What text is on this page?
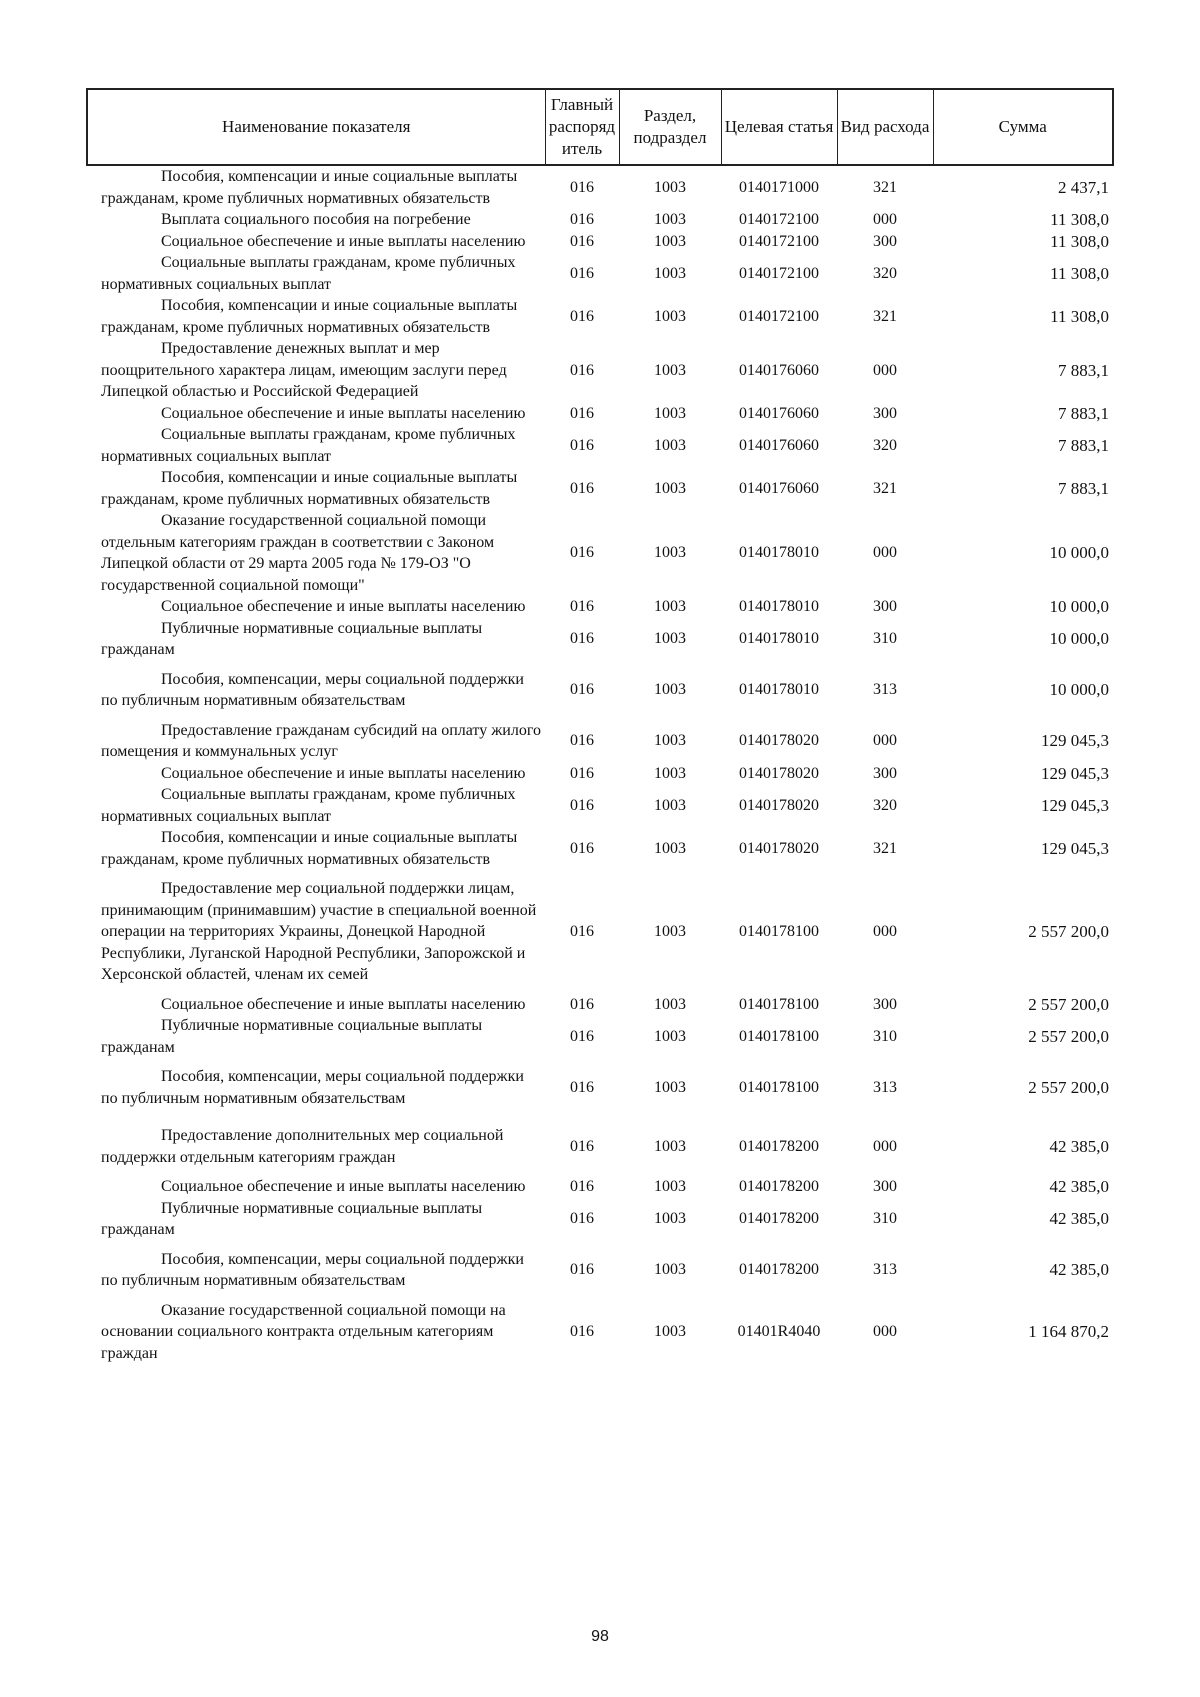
Наименование показателя	Главный распоряд итель	Раздел, подраздел	Целевая статья	Вид расхода	Сумма

Пособия, компенсации и иные социальные выплаты гражданам, кроме публичных нормативных обязательств	016	1003	0140171000	321	2 437,1

Выплата социального пособия на погребение	016	1003	0140172100	000	11 308,0

Социальное обеспечение и иные выплаты населению	016	1003	0140172100	300	11 308,0

Социальные выплаты гражданам, кроме публичных нормативных социальных выплат	016	1003	0140172100	320	11 308,0

Пособия, компенсации и иные социальные выплаты гражданам, кроме публичных нормативных обязательств	016	1003	0140172100	321	11 308,0

Предоставление денежных выплат и мер поощрительного характера лицам, имеющим заслуги перед Липецкой областью и Российской Федерацией	016	1003	0140176060	000	7 883,1

Социальное обеспечение и иные выплаты населению	016	1003	0140176060	300	7 883,1

Социальные выплаты гражданам, кроме публичных нормативных социальных выплат	016	1003	0140176060	320	7 883,1

Пособия, компенсации и иные социальные выплаты гражданам, кроме публичных нормативных обязательств	016	1003	0140176060	321	7 883,1

Оказание государственной социальной помощи отдельным категориям граждан в соответствии с Законом Липецкой области от 29 марта 2005 года № 179-ОЗ "О государственной социальной помощи"	016	1003	0140178010	000	10 000,0

Социальное обеспечение и иные выплаты населению	016	1003	0140178010	300	10 000,0

Публичные нормативные социальные выплаты гражданам	016	1003	0140178010	310	10 000,0

Пособия, компенсации, меры социальной поддержки по публичным нормативным обязательствам	016	1003	0140178010	313	10 000,0

Предоставление гражданам субсидий на оплату жилого помещения и коммунальных услуг	016	1003	0140178020	000	129 045,3

Социальное обеспечение и иные выплаты населению	016	1003	0140178020	300	129 045,3

Социальные выплаты гражданам, кроме публичных нормативных социальных выплат	016	1003	0140178020	320	129 045,3

Пособия, компенсации и иные социальные выплаты гражданам, кроме публичных нормативных обязательств	016	1003	0140178020	321	129 045,3

Предоставление мер социальной поддержки лицам, принимающим (принимавшим) участие в специальной военной операции на территориях Украины, Донецкой Народной Республики, Луганской Народной Республики, Запорожской и Херсонской областей, членам их семей	016	1003	0140178100	000	2 557 200,0

Социальное обеспечение и иные выплаты населению	016	1003	0140178100	300	2 557 200,0

Публичные нормативные социальные выплаты гражданам	016	1003	0140178100	310	2 557 200,0

Пособия, компенсации, меры социальной поддержки по публичным нормативным обязательствам	016	1003	0140178100	313	2 557 200,0

Предоставление дополнительных мер социальной поддержки отдельным категориям граждан	016	1003	0140178200	000	42 385,0

Социальное обеспечение и иные выплаты населению	016	1003	0140178200	300	42 385,0

Публичные нормативные социальные выплаты гражданам	016	1003	0140178200	310	42 385,0

Пособия, компенсации, меры социальной поддержки по публичным нормативным обязательствам	016	1003	0140178200	313	42 385,0

Оказание государственной социальной помощи на основании социального контракта отдельным категориям граждан	016	1003	01401R4040	000	1 164 870,2
98
